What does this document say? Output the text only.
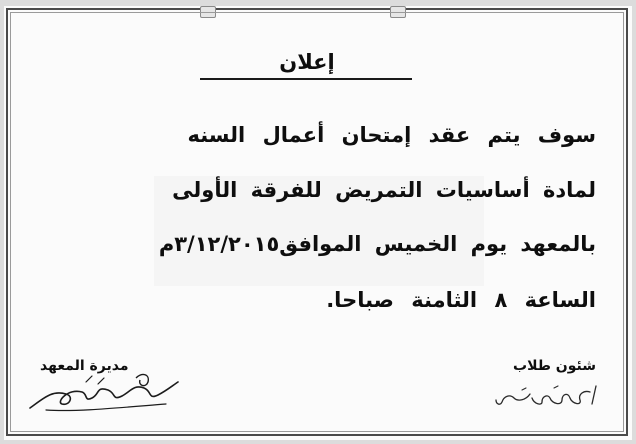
إعلان
سوف يتم عقد إمتحان أعمال السنه
لمادة أساسيات التمريض للفرقة الأولى
بالمعهد يوم الخميس الموافق٣/١٢/٢٠١٥م
الساعة ٨ الثامنة صباحا.
شئون طلاب
مديرة المعهد
